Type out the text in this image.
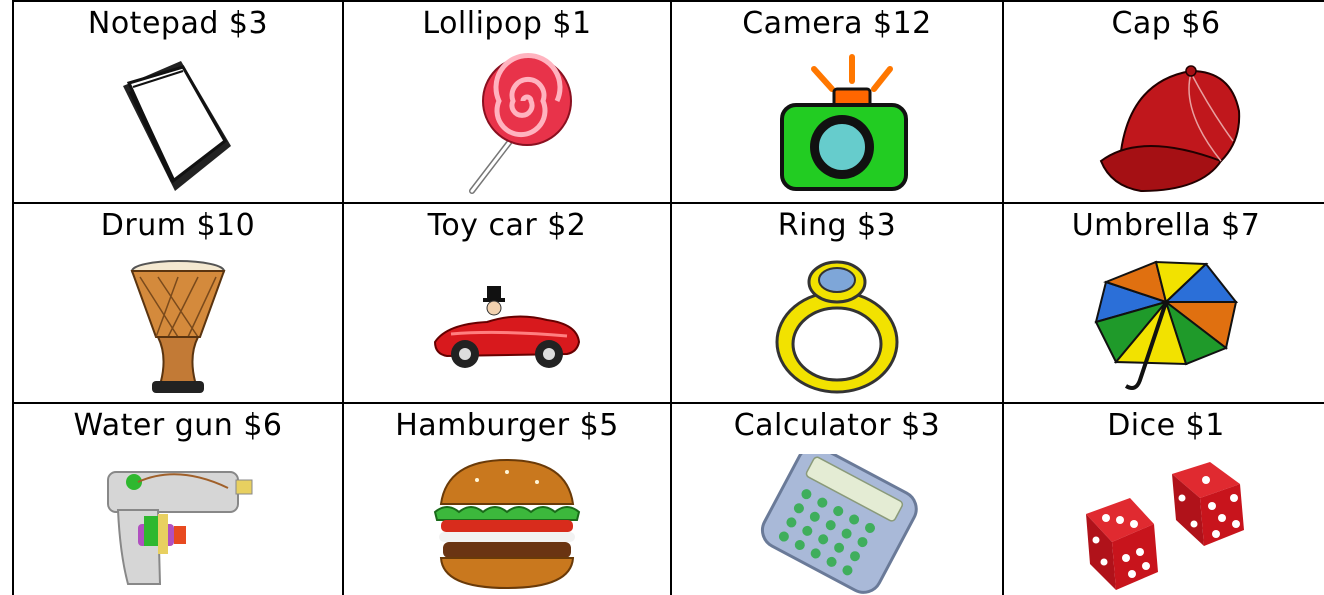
Notepad $3	Lollipop $1	Camera $12	Cap $6
Drum $10	Toy car $2	Ring $3	Umbrella $7
Water gun $6	Hamburger $5	Calculator $3	Dice $1
